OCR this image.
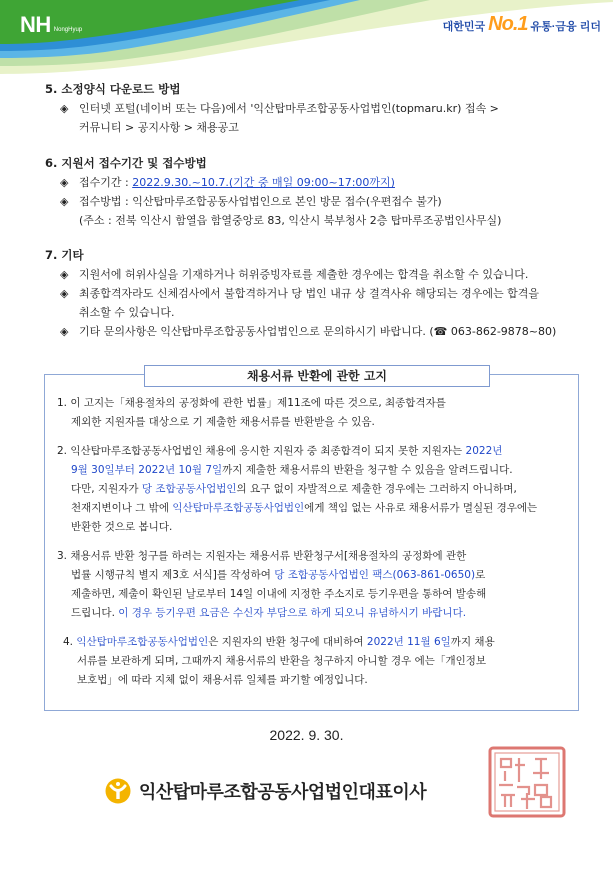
NH NongHyup	대한민국 No.1 유통·금융 리더

5. 소정양식 다운로드 방법

◈ 인터넷 포털(네이버 또는 다음)에서 '익산탑마루조합공동사업법인(topmaru.kr) 접속 >
커뮤니티 > 공지사항 > 채용공고

6. 지원서 접수기간 및 접수방법

◈ 접수기간 : 2022.9.30.~10.7.(기간 중 매일 09:00~17:00까지)
◈ 접수방법 : 익산탑마루조합공동사업법인으로 본인 방문 접수(우편접수 불가)
(주소 : 전북 익산시 함열읍 함열중앙로 83, 익산시 북부청사 2층 탑마루조공법인사무실)

7. 기타

◈ 지원서에 허위사실을 기재하거나 허위증빙자료를 제출한 경우에는 합격을 취소할 수 있습니다.
◈ 최종합격자라도 신체검사에서 불합격하거나 당 법인 내규 상 결격사유 해당되는 경우에는 합격을
취소할 수 있습니다.
◈ 기타 문의사항은 익산탑마루조합공동사업법인으로 문의하시기 바랍니다. (☎ 063-862-9878~80)
채용서류 반환에 관한 고지

1. 이 고지는「채용절차의 공정화에 관한 법률」제11조에 따른 것으로, 최종합격자를

제외한 지원자를 대상으로 기 제출한 채용서류를 반환받을 수 있음.

2. 익산탑마루조합공동사업법인 채용에 응시한 지원자 중 최종합격이 되지 못한 지원자는 2022년

9월 30일부터 2022년 10월 7일까지 제출한 채용서류의 반환을 청구할 수 있음을 알려드립니다.

다만, 지원자가 당 조합공동사업법인의 요구 없이 자발적으로 제출한 경우에는 그러하지 아니하며,

천재지변이나 그 밖에 익산탑마루조합공동사업법인에게 책임 없는 사유로 채용서류가 멸실된 경우에는

반환한 것으로 봅니다.

3. 채용서류 반환 청구를 하려는 지원자는 채용서류 반환청구서[채용절차의 공정화에 관한

법률 시행규칙 별지 제3호 서식]를 작성하여 당 조합공동사업법인 팩스(063-861-0650)로

제출하면, 제출이 확인된 날로부터 14일 이내에 지정한 주소지로 등기우편을 통하여 발송해

드립니다. 이 경우 등기우편 요금은 수신자 부담으로 하게 되오니 유념하시기 바랍니다.

4. 익산탑마루조합공동사업법인은 지원자의 반환 청구에 대비하여 2022년 11월 6일까지 채용

서류를 보관하게 되며, 그때까지 채용서류의 반환을 청구하지 아니할 경우 에는「개인정보

보호법」에 따라 지체 없이 채용서류 일체를 파기할 예정입니다.

2022. 9. 30.
익산탑마루조합공동사업법인대표이사
